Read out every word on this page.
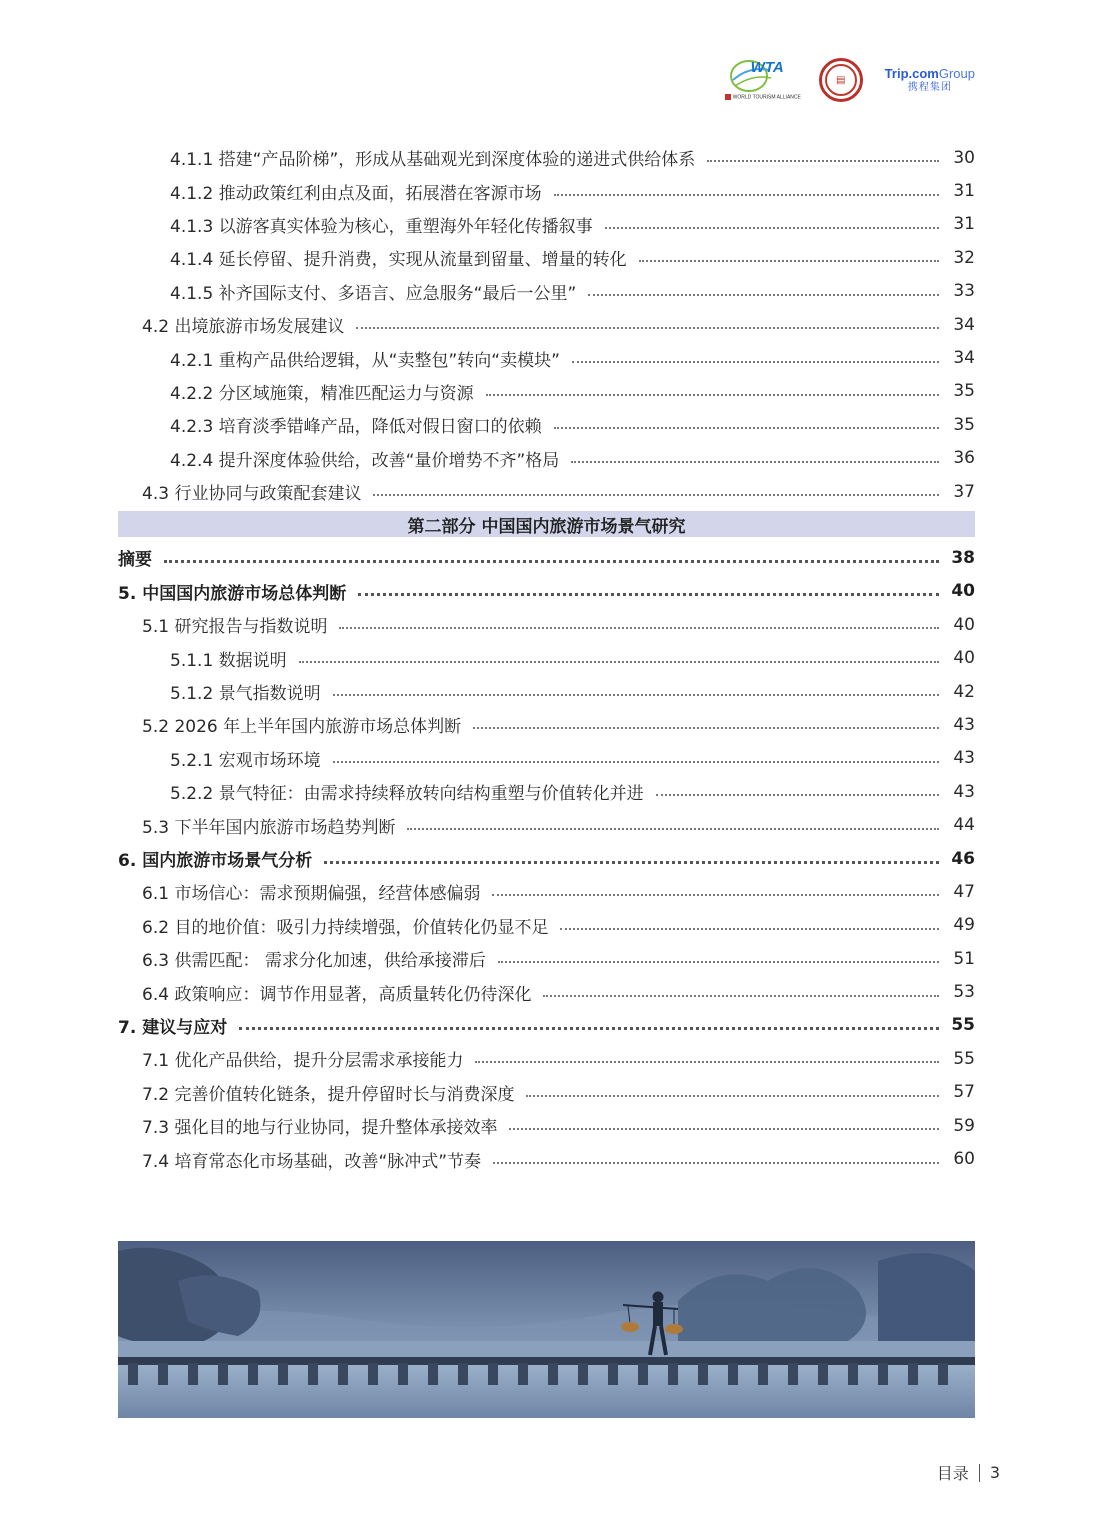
WTA
WORLD TOURISM ALLIANCE
▤	Trip.comGroup
携程集团
4.1.1 搭建“产品阶梯”，形成从基础观光到深度体验的递进式供给体系	30
4.1.2 推动政策红利由点及面，拓展潜在客源市场	31
4.1.3 以游客真实体验为核心，重塑海外年轻化传播叙事	31
4.1.4 延长停留、提升消费，实现从流量到留量、增量的转化	32
4.1.5 补齐国际支付、多语言、应急服务“最后一公里”	33
4.2 出境旅游市场发展建议	34
4.2.1 重构产品供给逻辑，从“卖整包”转向“卖模块”	34
4.2.2 分区域施策，精准匹配运力与资源	35
4.2.3 培育淡季错峰产品，降低对假日窗口的依赖	35
4.2.4 提升深度体验供给，改善“量价增势不齐”格局	36
4.3 行业协同与政策配套建议	37
第二部分 中国国内旅游市场景气研究
摘要	38
5. 中国国内旅游市场总体判断	40
5.1 研究报告与指数说明	40
5.1.1 数据说明	40
5.1.2 景气指数说明	42
5.2 2026 年上半年国内旅游市场总体判断	43
5.2.1 宏观市场环境	43
5.2.2 景气特征：由需求持续释放转向结构重塑与价值转化并进	43
5.3 下半年国内旅游市场趋势判断	44
6. 国内旅游市场景气分析	46
6.1 市场信心：需求预期偏强，经营体感偏弱	47
6.2 目的地价值：吸引力持续增强，价值转化仍显不足	49
6.3 供需匹配： 需求分化加速，供给承接滞后	51
6.4 政策响应：调节作用显著，高质量转化仍待深化	53
7. 建议与应对	55
7.1 优化产品供给，提升分层需求承接能力	55
7.2 完善价值转化链条，提升停留时长与消费深度	57
7.3 强化目的地与行业协同，提升整体承接效率	59
7.4 培育常态化市场基础，改善“脉冲式”节奏	60
目录 3
